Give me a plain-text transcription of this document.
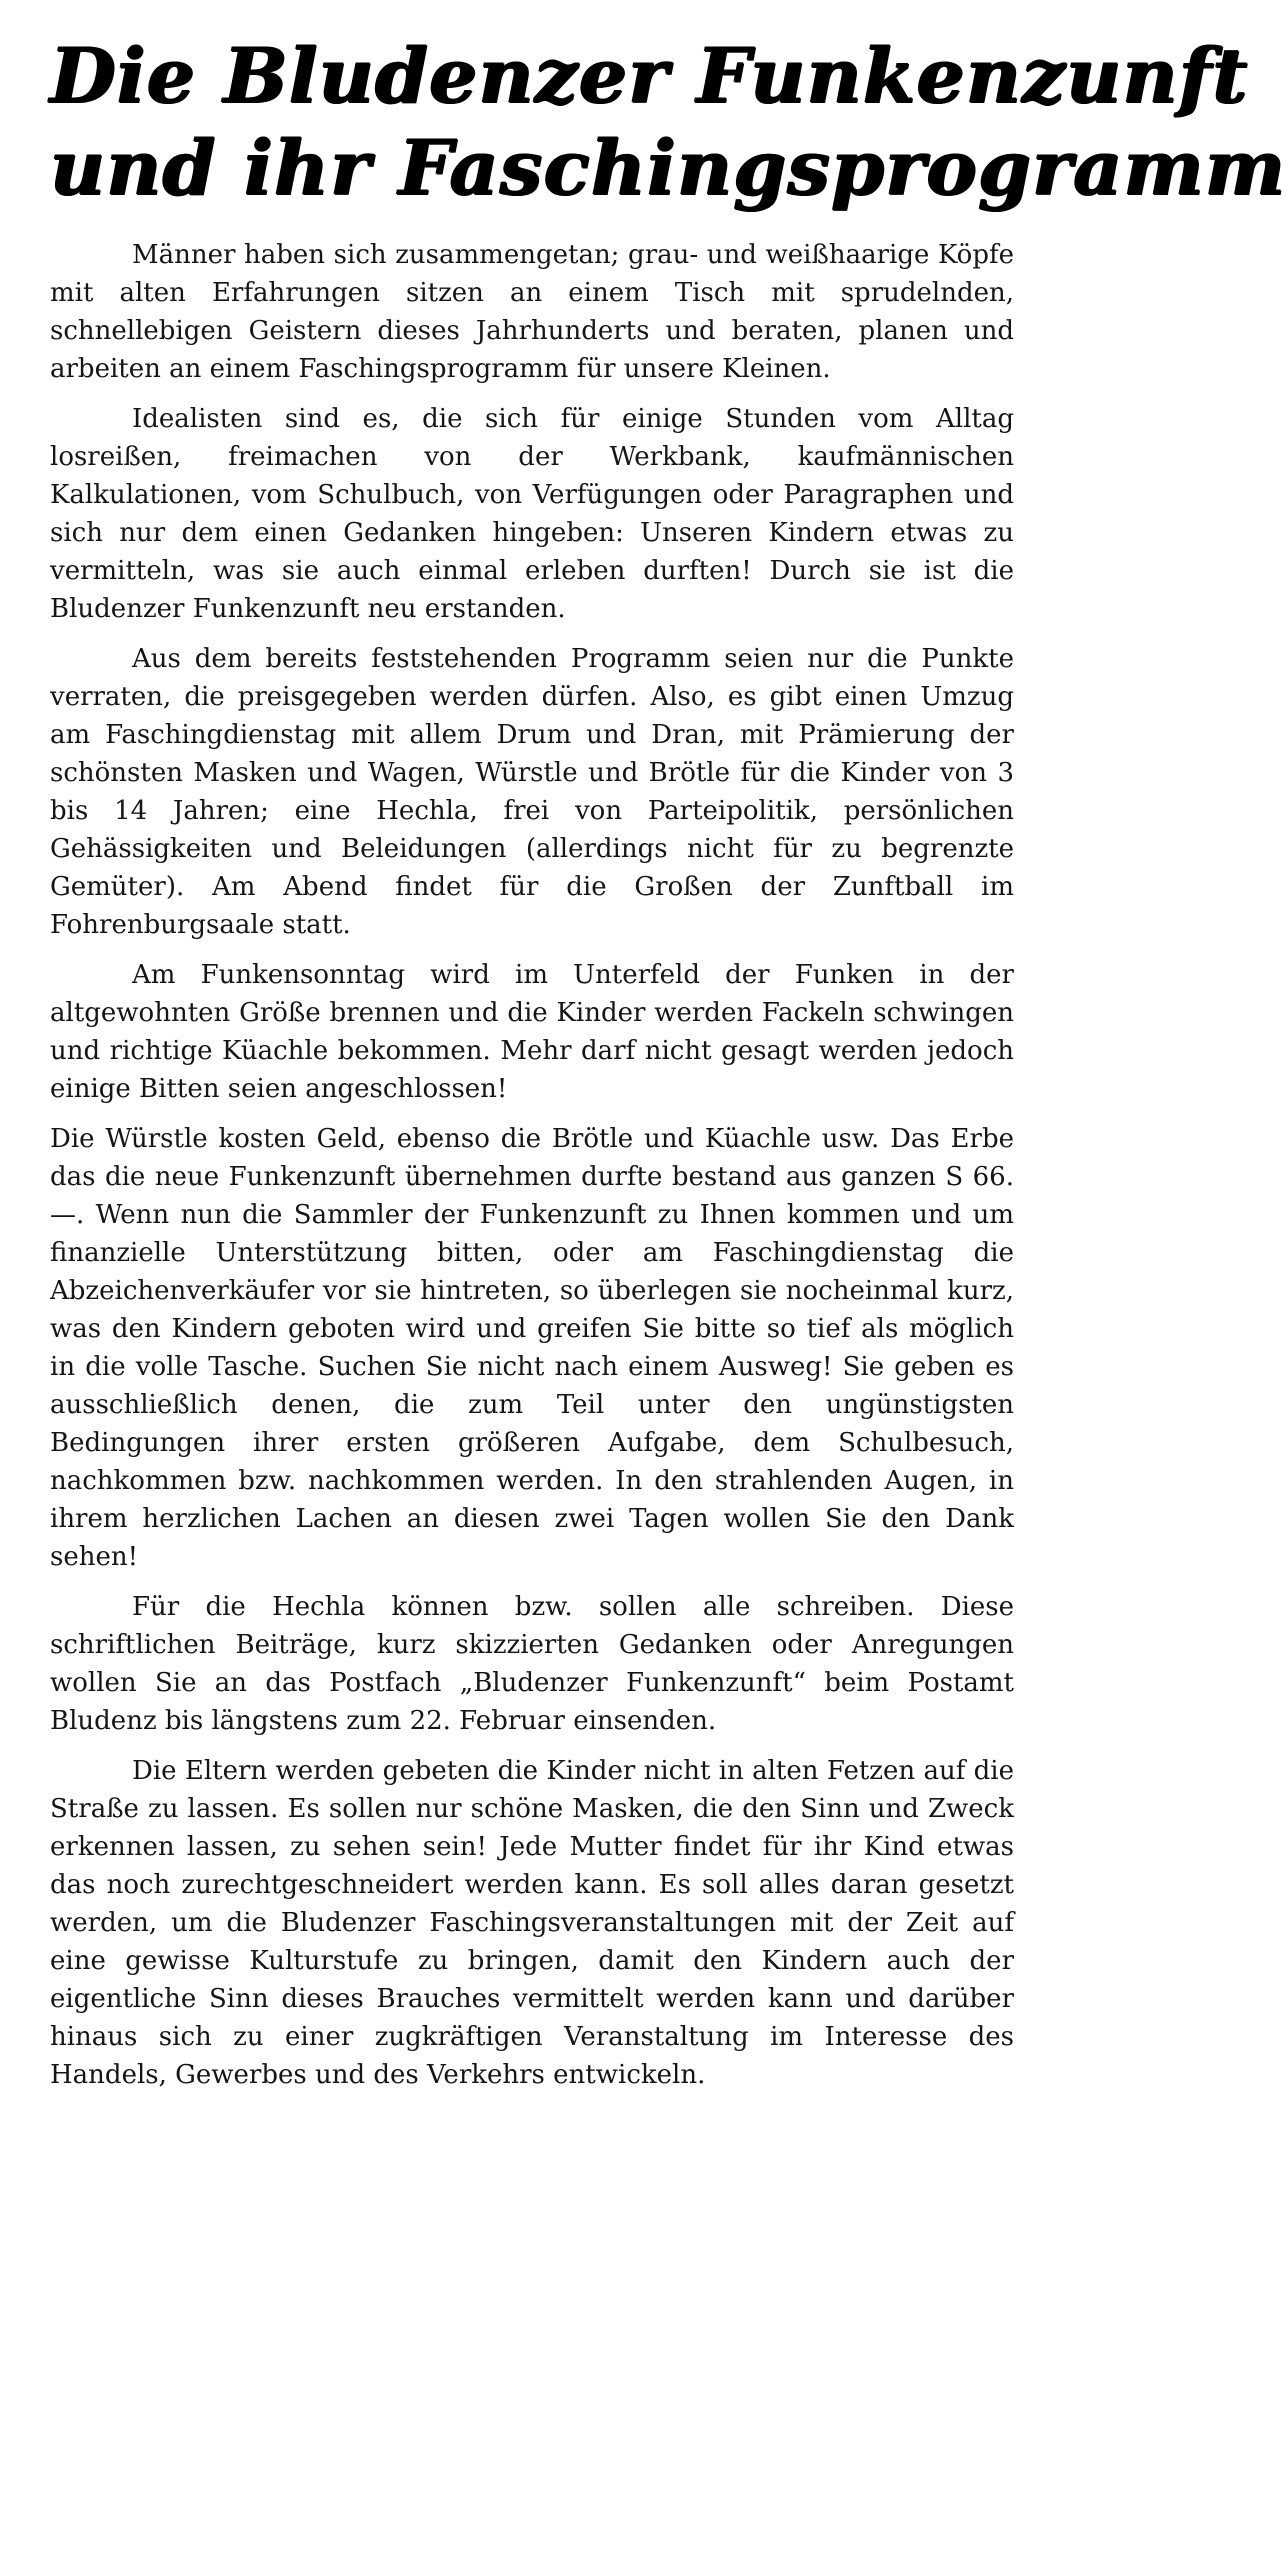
Die Bludenzer Funkenzunft
und ihr Faschingsprogramm

Männer haben sich zusammengetan; grau- und weißhaarige Köpfe mit alten Erfahrungen sitzen an einem Tisch mit sprudelnden, schnellebigen Geistern dieses Jahrhunderts und beraten, planen und arbeiten an einem Faschingsprogramm für unsere Kleinen.

Idealisten sind es, die sich für einige Stunden vom Alltag losreißen, freimachen von der Werkbank, kaufmännischen Kalkulationen, vom Schulbuch, von Verfügungen oder Paragraphen und sich nur dem einen Gedanken hingeben: Unseren Kindern etwas zu vermitteln, was sie auch einmal erleben durften! Durch sie ist die Bludenzer Funkenzunft neu erstanden.

Aus dem bereits feststehenden Programm seien nur die Punkte verraten, die preisgegeben werden dürfen. Also, es gibt einen Umzug am Faschingdienstag mit allem Drum und Dran, mit Prämierung der schönsten Masken und Wagen, Würstle und Brötle für die Kinder von 3 bis 14 Jahren; eine Hechla, frei von Parteipolitik, persönlichen Gehässigkeiten und Beleidungen (allerdings nicht für zu begrenzte Gemüter). Am Abend findet für die Großen der Zunftball im Fohrenburgsaale statt.

Am Funkensonntag wird im Unterfeld der Funken in der altgewohnten Größe brennen und die Kinder werden Fackeln schwingen und richtige Küachle bekommen. Mehr darf nicht gesagt werden jedoch einige Bitten seien angeschlossen!

Die Würstle kosten Geld, ebenso die Brötle und Küachle usw. Das Erbe das die neue Funkenzunft übernehmen durfte bestand aus ganzen S 66.—. Wenn nun die Sammler der Funkenzunft zu Ihnen kommen und um finanzielle Unterstützung bitten, oder am Faschingdienstag die Abzeichenverkäufer vor sie hintreten, so überlegen sie nocheinmal kurz, was den Kindern geboten wird und greifen Sie bitte so tief als möglich in die volle Tasche. Suchen Sie nicht nach einem Ausweg! Sie geben es ausschließlich denen, die zum Teil unter den ungünstigsten Bedingungen ihrer ersten größeren Aufgabe, dem Schulbesuch, nachkommen bzw. nachkommen werden. In den strahlenden Augen, in ihrem herzlichen Lachen an diesen zwei Tagen wollen Sie den Dank sehen!

Für die Hechla können bzw. sollen alle schreiben. Diese schriftlichen Beiträge, kurz skizzierten Gedanken oder Anregungen wollen Sie an das Postfach „Bludenzer Funkenzunft“ beim Postamt Bludenz bis längstens zum 22. Februar einsenden.

Die Eltern werden gebeten die Kinder nicht in alten Fetzen auf die Straße zu lassen. Es sollen nur schöne Masken, die den Sinn und Zweck erkennen lassen, zu sehen sein! Jede Mutter findet für ihr Kind etwas das noch zurechtgeschneidert werden kann. Es soll alles daran gesetzt werden, um die Bludenzer Faschingsveranstaltungen mit der Zeit auf eine gewisse Kulturstufe zu bringen, damit den Kindern auch der eigentliche Sinn dieses Brauches vermittelt werden kann und darüber hinaus sich zu einer zugkräftigen Veranstaltung im Interesse des Handels, Gewerbes und des Verkehrs entwickeln.
